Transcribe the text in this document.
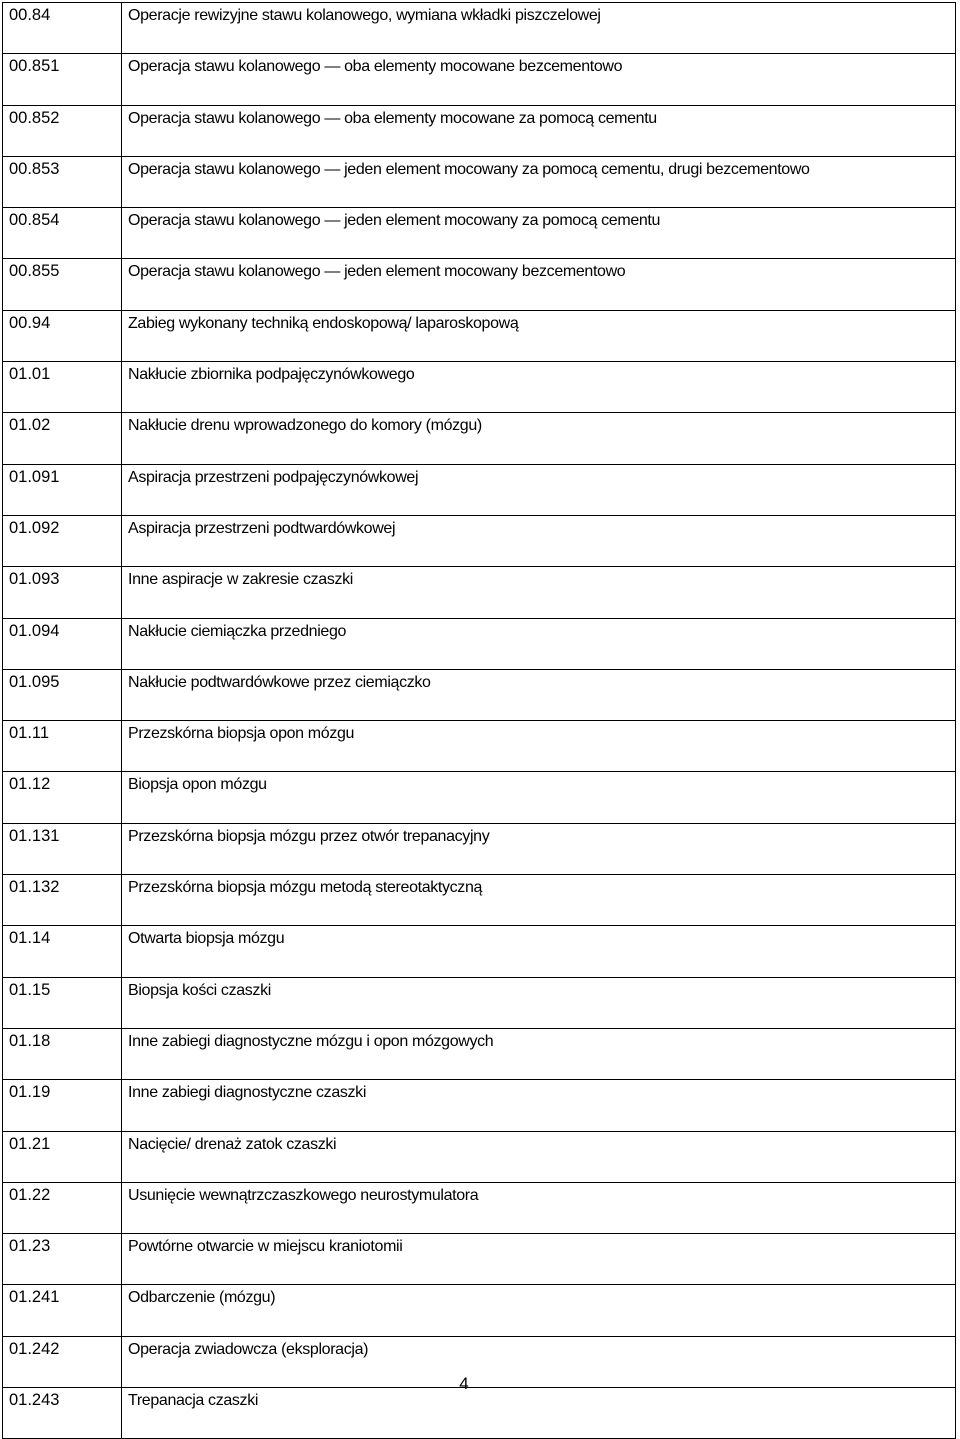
00.84	Operacje rewizyjne stawu kolanowego, wymiana wkładki piszczelowej
00.851	Operacja stawu kolanowego — oba elementy mocowane bezcementowo
00.852	Operacja stawu kolanowego — oba elementy mocowane za pomocą cementu
00.853	Operacja stawu kolanowego — jeden element mocowany za pomocą cementu, drugi bezcementowo
00.854	Operacja stawu kolanowego — jeden element mocowany za pomocą cementu
00.855	Operacja stawu kolanowego — jeden element mocowany bezcementowo
00.94	Zabieg wykonany techniką endoskopową/ laparoskopową
01.01	Nakłucie zbiornika podpajęczynówkowego
01.02	Nakłucie drenu wprowadzonego do komory (mózgu)
01.091	Aspiracja przestrzeni podpajęczynówkowej
01.092	Aspiracja przestrzeni podtwardówkowej
01.093	Inne aspiracje w zakresie czaszki
01.094	Nakłucie ciemiączka przedniego
01.095	Nakłucie podtwardówkowe przez ciemiączko
01.11	Przezskórna biopsja opon mózgu
01.12	Biopsja opon mózgu
01.131	Przezskórna biopsja mózgu przez otwór trepanacyjny
01.132	Przezskórna biopsja mózgu metodą stereotaktyczną
01.14	Otwarta biopsja mózgu
01.15	Biopsja kości czaszki
01.18	Inne zabiegi diagnostyczne mózgu i opon mózgowych
01.19	Inne zabiegi diagnostyczne czaszki
01.21	Nacięcie/ drenaż zatok czaszki
01.22	Usunięcie wewnątrzczaszkowego neurostymulatora
01.23	Powtórne otwarcie w miejscu kraniotomii
01.241	Odbarczenie (mózgu)
01.242	Operacja zwiadowcza (eksploracja)
01.243	Trepanacja czaszki
4
